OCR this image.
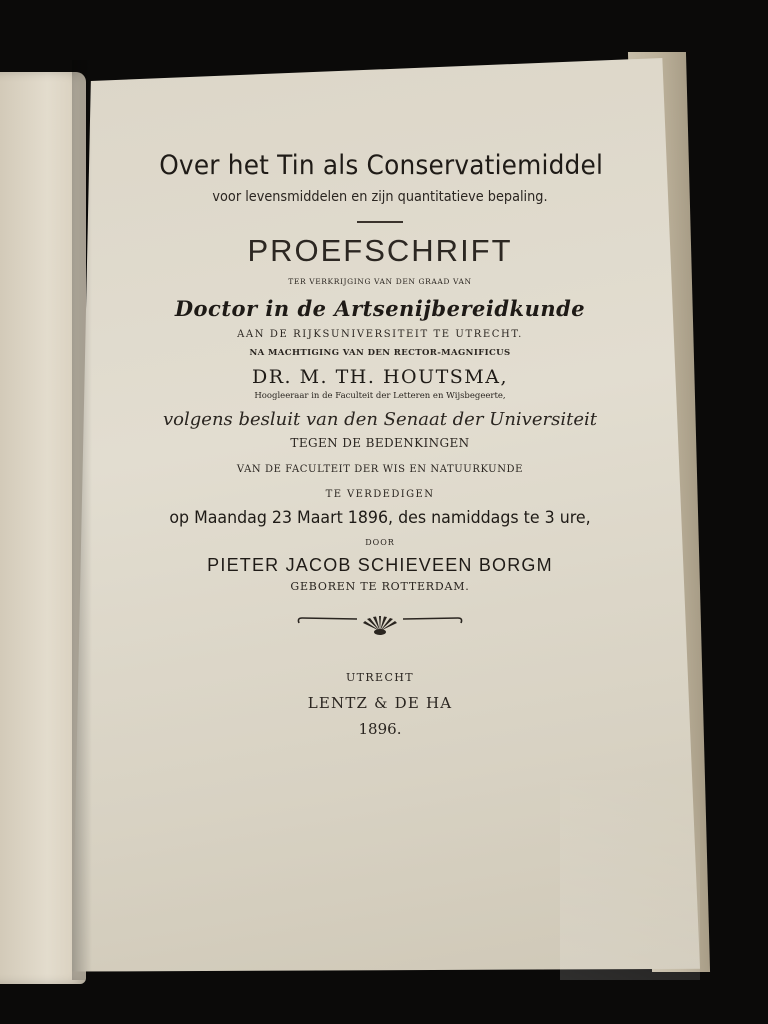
Over het Tin als Conservatiemiddel
voor levensmiddelen en zijn quantitatieve bepaling.
PROEFSCHRIFT
TER VERKRIJGING VAN DEN GRAAD VAN
Doctor in de Artsenijbereidkunde
AAN DE RIJKSUNIVERSITEIT TE UTRECHT.
NA MACHTIGING VAN DEN RECTOR-MAGNIFICUS
DR. M. TH. HOUTSMA,
Hoogleeraar in de Faculteit der Letteren en Wijsbegeerte,
volgens besluit van den Senaat der Universiteit
TEGEN DE BEDENKINGEN
VAN DE FACULTEIT DER WIS EN NATUURKUNDE
TE VERDEDIGEN
op Maandag 23 Maart 1896, des namiddags te 3 ure,
DOOR
PIETER JACOB SCHIEVEEN BORGM
GEBOREN TE ROTTERDAM.
UTRECHT
LENTZ & DE HA
1896.
